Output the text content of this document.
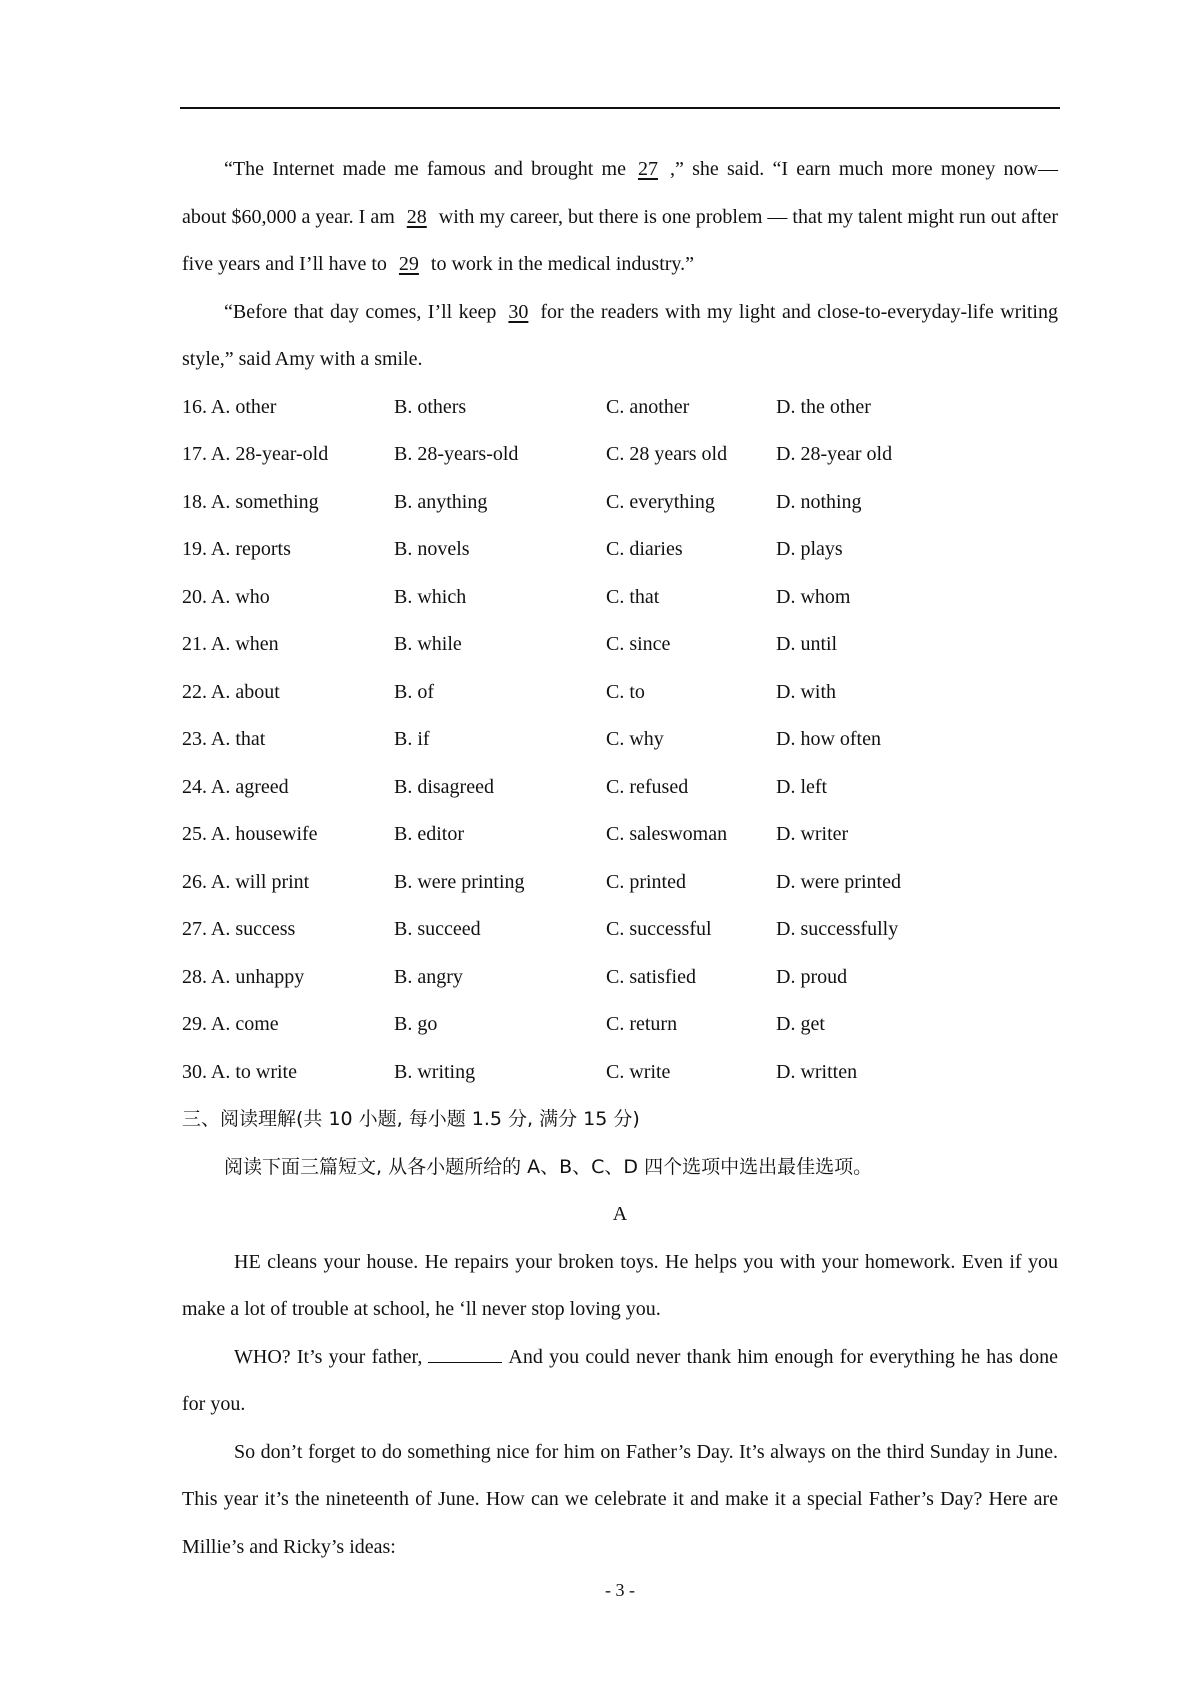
“The Internet made me famous and brought me 27 ,” she said. “I earn much more money now— about $60,000 a year. I am 28 with my career, but there is one problem — that my talent might run out after five years and I’ll have to 29 to work in the medical industry.”

“Before that day comes, I’ll keep 30 for the readers with my light and close-to-everyday-life writing style,” said Amy with a smile.

16. A. other	B. others	C. another	D. the other
17. A. 28-year-old	B. 28-years-old	C. 28 years old	D. 28-year old
18. A. something	B. anything	C. everything	D. nothing
19. A. reports	B. novels	C. diaries	D. plays
20. A. who	B. which	C. that	D. whom
21. A. when	B. while	C. since	D. until
22. A. about	B. of	C. to	D. with
23. A. that	B. if	C. why	D. how often
24. A. agreed	B. disagreed	C. refused	D. left
25. A. housewife	B. editor	C. saleswoman	D. writer
26. A. will print	B. were printing	C. printed	D. were printed
27. A. success	B. succeed	C. successful	D. successfully
28. A. unhappy	B. angry	C. satisfied	D. proud
29. A. come	B. go	C. return	D. get
30. A. to write	B. writing	C. write	D. written

三、阅读理解(共 10 小题, 每小题 1.5 分, 满分 15 分)

阅读下面三篇短文, 从各小题所给的 A、B、C、D 四个选项中选出最佳选项。

A

HE cleans your house. He repairs your broken toys. He helps you with your homework. Even if you make a lot of trouble at school, he ‘ll never stop loving you.

WHO? It’s your father,	And you could never thank him enough for everything he has done for you.

So don’t forget to do something nice for him on Father’s Day. It’s always on the third Sunday in June. This year it’s the nineteenth of June. How can we celebrate it and make it a special Father’s Day? Here are Millie’s and Ricky’s ideas:

- 3 -
